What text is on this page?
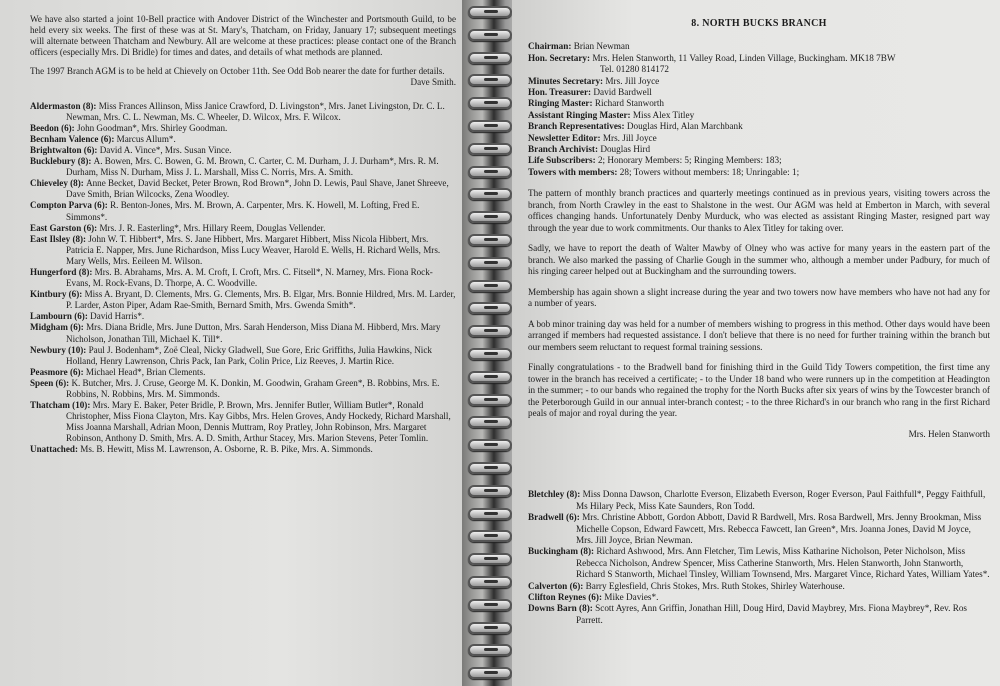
We have also started a joint 10-Bell practice with Andover District of the Winchester and Portsmouth Guild, to be held every six weeks. The first of these was at St. Mary's, Thatcham, on Friday, January 17; subsequent meetings will alternate between Thatcham and Newbury. All are welcome at these practices: please contact one of the Branch officers (especially Mrs. Di Bridle) for times and dates, and details of what methods are planned.

The 1997 Branch AGM is to be held at Chievely on October 11th. See Odd Bob nearer the date for further details.

Dave Smith.

Aldermaston (8): Miss Frances Allinson, Miss Janice Crawford, D. Livingston*, Mrs. Janet Livingston, Dr. C. L. Newman, Mrs. C. L. Newman, Ms. C. Wheeler, D. Wilcox, Mrs. F. Wilcox.
Beedon (6): John Goodman*, Mrs. Shirley Goodman.
Becnham Valence (6): Marcus Allum*.
Brightwalton (6): David A. Vince*, Mrs. Susan Vince.
Bucklebury (8): A. Bowen, Mrs. C. Bowen, G. M. Brown, C. Carter, C. M. Durham, J. J. Durham*, Mrs. R. M. Durham, Miss N. Durham, Miss J. L. Marshall, Miss C. Norris, Mrs. A. Smith.
Chieveley (8): Anne Becket, David Becket, Peter Brown, Rod Brown*, John D. Lewis, Paul Shave, Janet Shreeve, Dave Smith, Brian Wilcocks, Zena Woodley.
Compton Parva (6): R. Benton-Jones, Mrs. M. Brown, A. Carpenter, Mrs. K. Howell, M. Lofting, Fred E. Simmons*.
East Garston (6): Mrs. J. R. Easterling*, Mrs. Hillary Reem, Douglas Vellender.
East Ilsley (8): John W. T. Hibbert*, Mrs. S. Jane Hibbert, Mrs. Margaret Hibbert, Miss Nicola Hibbert, Mrs. Patricia E. Napper, Mrs. June Richardson, Miss Lucy Weaver, Harold E. Wells, H. Richard Wells, Mrs. Mary Wells, Mrs. Eeileen M. Wilson.
Hungerford (8): Mrs. B. Abrahams, Mrs. A. M. Croft, I. Croft, Mrs. C. Fitsell*, N. Marney, Mrs. Fiona Rock-Evans, M. Rock-Evans, D. Thorpe, A. C. Woodville.
Kintbury (6): Miss A. Bryant, D. Clements, Mrs. G. Clements, Mrs. B. Elgar, Mrs. Bonnie Hildred, Mrs. M. Larder, P. Larder, Aston Piper, Adam Rae-Smith, Bernard Smith, Mrs. Gwenda Smith*.
Lambourn (6): David Harris*.
Midgham (6): Mrs. Diana Bridle, Mrs. June Dutton, Mrs. Sarah Henderson, Miss Diana M. Hibberd, Mrs. Mary Nicholson, Jonathan Till, Michael K. Till*.
Newbury (10): Paul J. Bodenham*, Zoë Cleal, Nicky Gladwell, Sue Gore, Eric Griffiths, Julia Hawkins, Nick Holland, Henry Lawrenson, Chris Pack, Ian Park, Colin Price, Liz Reeves, J. Martin Rice.
Peasmore (6): Michael Head*, Brian Clements.
Speen (6): K. Butcher, Mrs. J. Cruse, George M. K. Donkin, M. Goodwin, Graham Green*, B. Robbins, Mrs. E. Robbins, N. Robbins, Mrs. M. Simmonds.
Thatcham (10): Mrs. Mary E. Baker, Peter Bridle, P. Brown, Mrs. Jennifer Butler, William Butler*, Ronald Christopher, Miss Fiona Clayton, Mrs. Kay Gibbs, Mrs. Helen Groves, Andy Hockedy, Richard Marshall, Miss Joanna Marshall, Adrian Moon, Dennis Muttram, Roy Pratley, John Robinson, Mrs. Margaret Robinson, Anthony D. Smith, Mrs. A. D. Smith, Arthur Stacey, Mrs. Marion Stevens, Peter Tomlin.
Unattached: Ms. B. Hewitt, Miss M. Lawrenson, A. Osborne, R. B. Pike, Mrs. A. Simmonds.
8. NORTH BUCKS BRANCH
Chairman: Brian Newman
Hon. Secretary: Mrs. Helen Stanworth, 11 Valley Road, Linden Village, Buckingham. MK18 7BW
Tel. 01280 814172
Minutes Secretary: Mrs. Jill Joyce
Hon. Treasurer: David Bardwell
Ringing Master: Richard Stanworth
Assistant Ringing Master: Miss Alex Titley
Branch Representatives: Douglas Hird, Alan Marchbank
Newsletter Editor: Mrs. Jill Joyce
Branch Archivist: Douglas Hird
Life Subscribers: 2; Honorary Members: 5; Ringing Members: 183;
Towers with members: 28; Towers without members: 18; Unringable: 1;

The pattern of monthly branch practices and quarterly meetings continued as in previous years, visiting towers across the branch, from North Crawley in the east to Shalstone in the west. Our AGM was held at Emberton in March, with several offices changing hands. Unfortunately Denby Murduck, who was elected as assistant Ringing Master, resigned part way through the year due to work commitments. Our thanks to Alex Titley for taking over.

Sadly, we have to report the death of Walter Mawby of Olney who was active for many years in the eastern part of the branch. We also marked the passing of Charlie Gough in the summer who, although a member under Padbury, for much of his ringing career helped out at Buckingham and the surrounding towers.

Membership has again shown a slight increase during the year and two towers now have members who have not had any for a number of years.

A bob minor training day was held for a number of members wishing to progress in this method. Other days would have been arranged if members had requested assistance. I don't believe that there is no need for further training within the branch but our members seem reluctant to request formal training sessions.

Finally congratulations - to the Bradwell band for finishing third in the Guild Tidy Towers competition, the first time any tower in the branch has received a certificate; - to the Under 18 band who were runners up in the competition at Headington in the summer; - to our bands who regained the trophy for the North Bucks after six years of wins by the Towcester branch of the Peterborough Guild in our annual inter-branch contest; - to the three Richard's in our branch who rang in the first Richard peals of major and royal during the year.

Mrs. Helen Stanworth

Bletchley (8): Miss Donna Dawson, Charlotte Everson, Elizabeth Everson, Roger Everson, Paul Faithfull*, Peggy Faithfull, Ms Hilary Peck, Miss Kate Saunders, Ron Todd.
Bradwell (6): Mrs. Christine Abbott, Gordon Abbott, David R Bardwell, Mrs. Rosa Bardwell, Mrs. Jenny Brookman, Miss Michelle Copson, Edward Fawcett, Mrs. Rebecca Fawcett, Ian Green*, Mrs. Joanna Jones, David M Joyce, Mrs. Jill Joyce, Brian Newman.
Buckingham (8): Richard Ashwood, Mrs. Ann Fletcher, Tim Lewis, Miss Katharine Nicholson, Peter Nicholson, Miss Rebecca Nicholson, Andrew Spencer, Miss Catherine Stanworth, Mrs. Helen Stanworth, John Stanworth, Richard S Stanworth, Michael Tinsley, William Townsend, Mrs. Margaret Vince, Richard Yates, William Yates*.
Calverton (6): Barry Eglesfield, Chris Stokes, Mrs. Ruth Stokes, Shirley Waterhouse.
Clifton Reynes (6): Mike Davies*.
Downs Barn (8): Scott Ayres, Ann Griffin, Jonathan Hill, Doug Hird, David Maybrey, Mrs. Fiona Maybrey*, Rev. Ros Parrett.
